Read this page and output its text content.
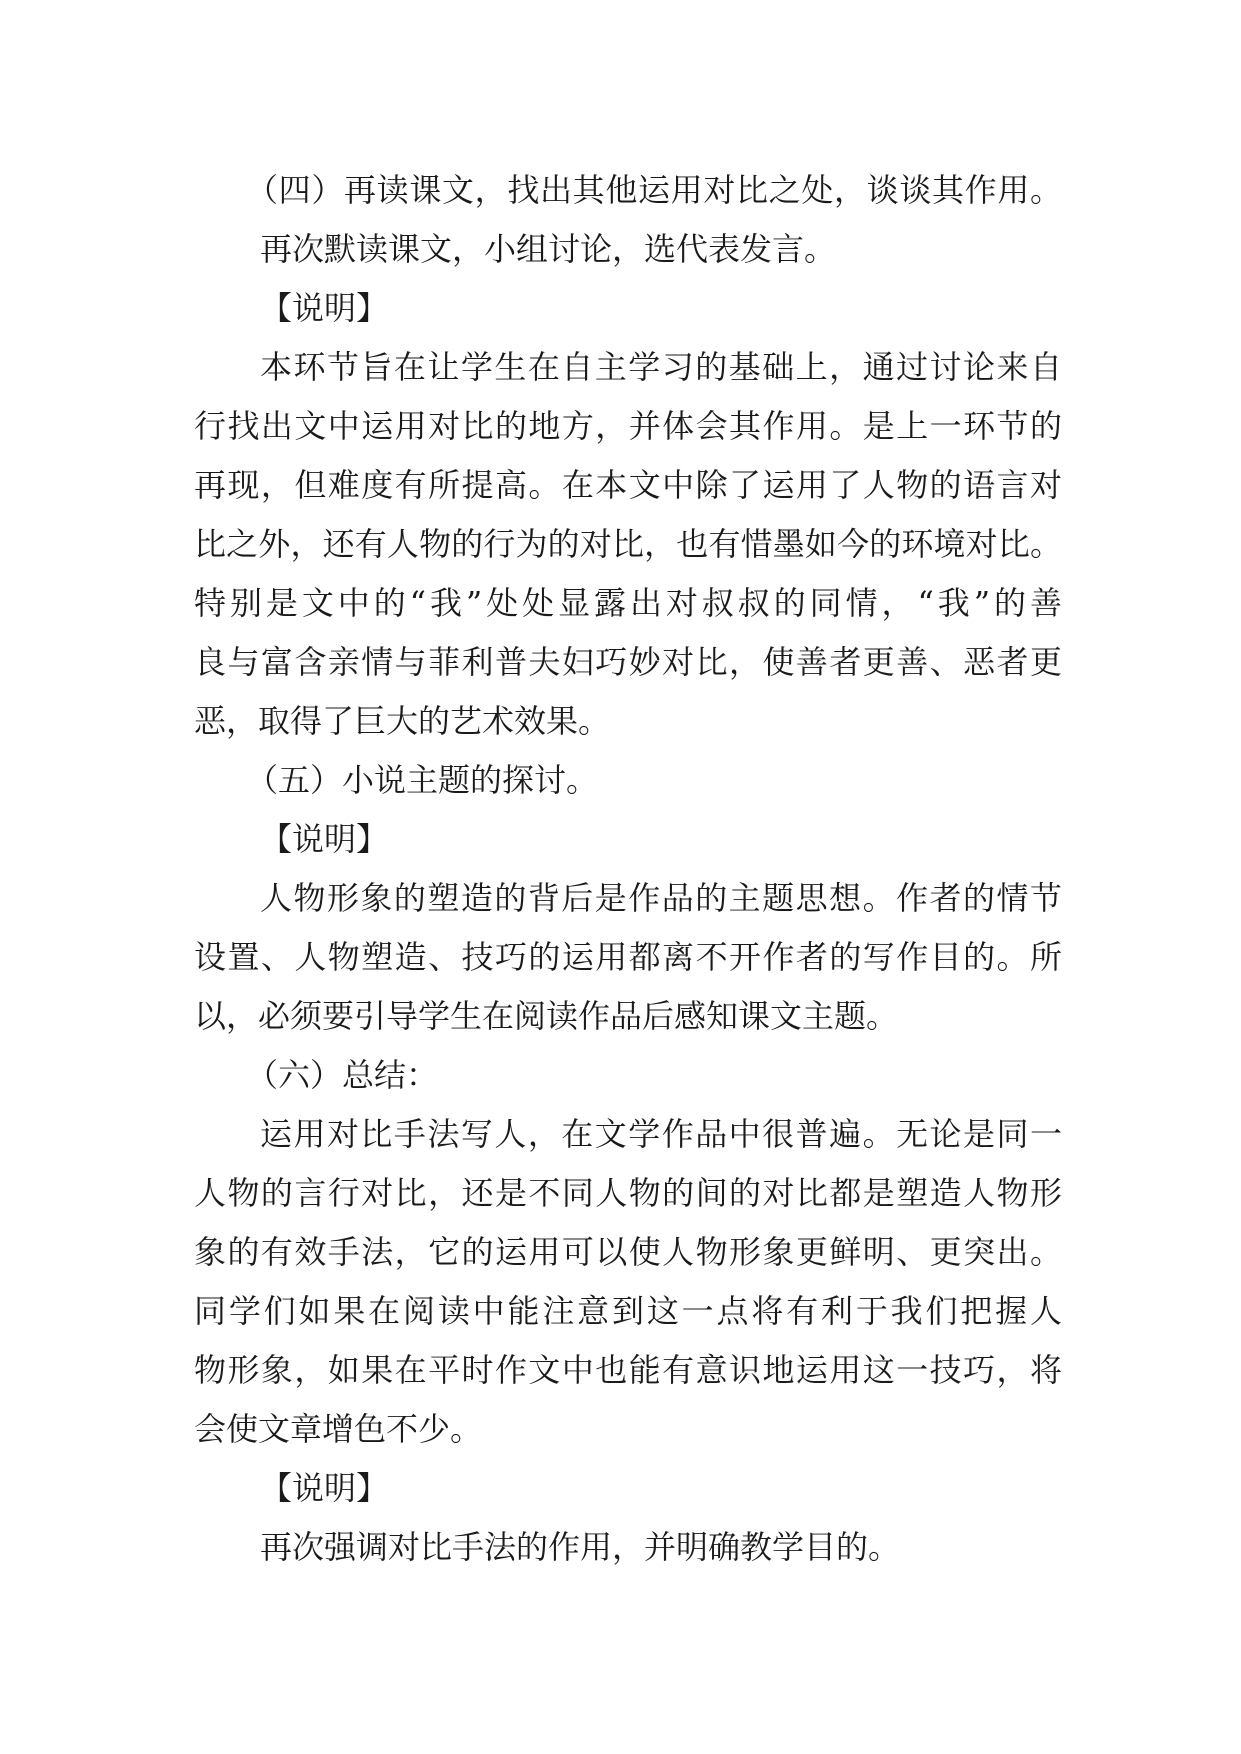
（四）再读课文，找出其他运用对比之处，谈谈其作用。
再次默读课文，小组讨论，选代表发言。
【说明】
本环节旨在让学生在自主学习的基础上，通过讨论来自
行找出文中运用对比的地方，并体会其作用。是上一环节的
再现，但难度有所提高。在本文中除了运用了人物的语言对
比之外，还有人物的行为的对比，也有惜墨如今的环境对比。
特别是文中的“我”处处显露出对叔叔的同情，“我”的善
良与富含亲情与菲利普夫妇巧妙对比，使善者更善、恶者更
恶，取得了巨大的艺术效果。
（五）小说主题的探讨。
【说明】
人物形象的塑造的背后是作品的主题思想。作者的情节
设置、人物塑造、技巧的运用都离不开作者的写作目的。所
以，必须要引导学生在阅读作品后感知课文主题。
（六）总结：
运用对比手法写人，在文学作品中很普遍。无论是同一
人物的言行对比，还是不同人物的间的对比都是塑造人物形
象的有效手法，它的运用可以使人物形象更鲜明、更突出。
同学们如果在阅读中能注意到这一点将有利于我们把握人
物形象，如果在平时作文中也能有意识地运用这一技巧，将
会使文章增色不少。
【说明】
再次强调对比手法的作用，并明确教学目的。
